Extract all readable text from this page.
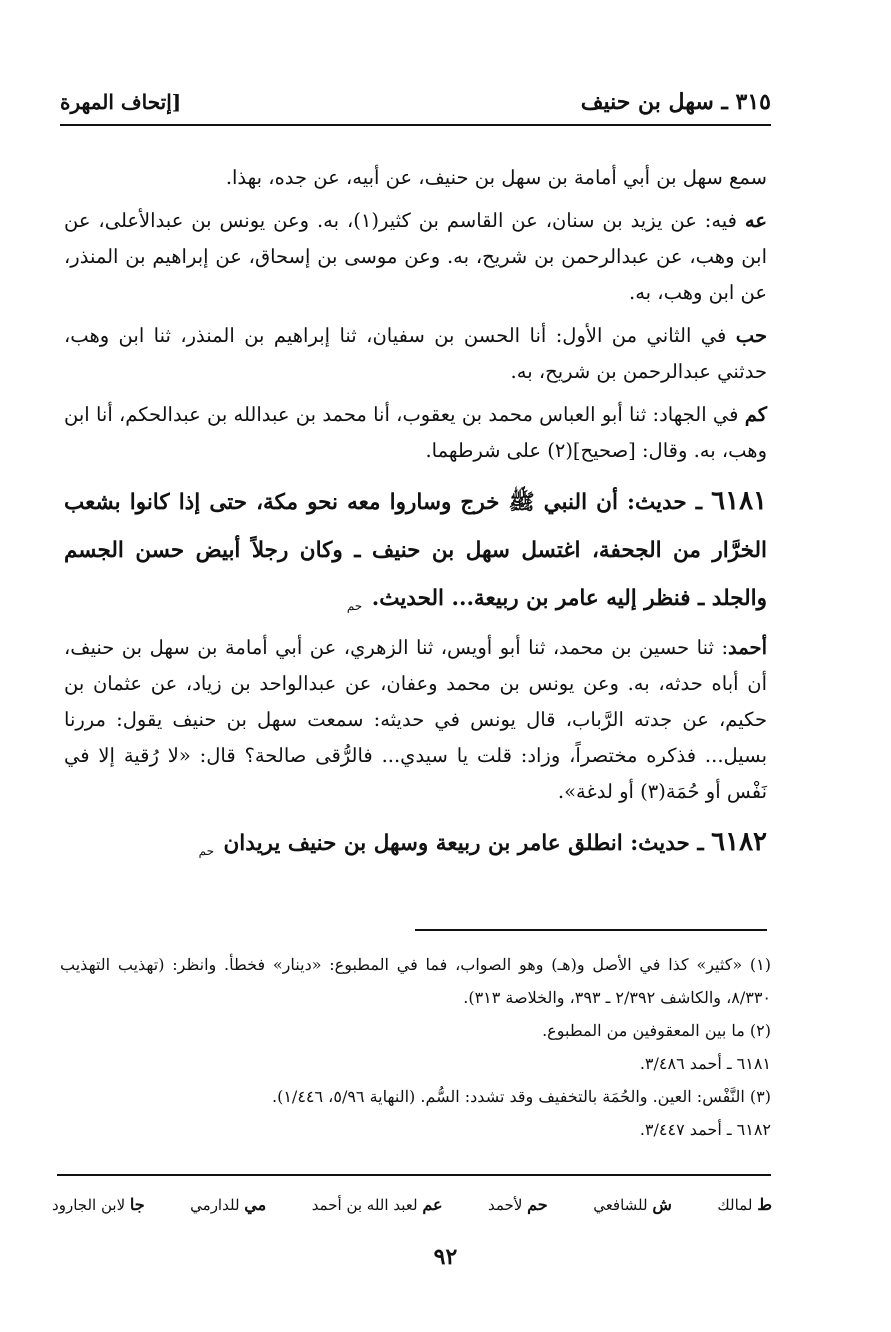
٣١٥ ـ سهل بن حنيف
[إتحاف المهرة

سمع سهل بن أبي أمامة بن سهل بن حنيف، عن أبيه، عن جده، بهذا.

عه فيه: عن يزيد بن سنان، عن القاسم بن كثير(١)، به. وعن يونس بن عبدالأعلى، عن ابن وهب، عن عبدالرحمن بن شريح، به. وعن موسى بن إسحاق، عن إبراهيم بن المنذر، عن ابن وهب، به.

حب في الثاني من الأول: أنا الحسن بن سفيان، ثنا إبراهيم بن المنذر، ثنا ابن وهب، حدثني عبدالرحمن بن شريح، به.

كم في الجهاد: ثنا أبو العباس محمد بن يعقوب، أنا محمد بن عبدالله بن عبدالحكم، أنا ابن وهب، به. وقال: [صحيح](٢) على شرطهما.

٦١٨١ ـ حديث: أن النبي ﷺ خرج وساروا معه نحو مكة، حتى إذا كانوا بشعب الخرَّار من الجحفة، اغتسل سهل بن حنيف ـ وكان رجلاً أبيض حسن الجسم والجلد ـ فنظر إليه عامر بن ربيعة... الحديث. حم

أحمد: ثنا حسين بن محمد، ثنا أبو أويس، ثنا الزهري، عن أبي أمامة بن سهل بن حنيف، أن أباه حدثه، به. وعن يونس بن محمد وعفان، عن عبدالواحد بن زياد، عن عثمان بن حكيم، عن جدته الرَّباب، قال يونس في حديثه: سمعت سهل بن حنيف يقول: مررنا بسيل... فذكره مختصراً، وزاد: قلت يا سيدي... فالرُّقى صالحة؟ قال: «لا رُقية إلا في نَفْس أو حُمَة(٣) أو لدغة».

٦١٨٢ ـ حديث: انطلق عامر بن ربيعة وسهل بن حنيف يريدان حم

(١) «كثير» كذا في الأصل و(هـ) وهو الصواب، فما في المطبوع: «دينار» فخطأ. وانظر: (تهذيب التهذيب ٨/٣٣٠، والكاشف ٢/٣٩٢ ـ ٣٩٣، والخلاصة ٣١٣).

(٢) ما بين المعقوفين من المطبوع.

٦١٨١ ـ أحمد ٣/٤٨٦.

(٣) النَّفْس: العين. والحُمَة بالتخفيف وقد تشدد: السُّم. (النهاية ٥/٩٦، ١/٤٤٦).

٦١٨٢ ـ أحمد ٣/٤٤٧.

ط لمالك
ش للشافعي
حم لأحمد
عم لعبد الله بن أحمد
مي للدارمي
جا لابن الجارود
٩٢
